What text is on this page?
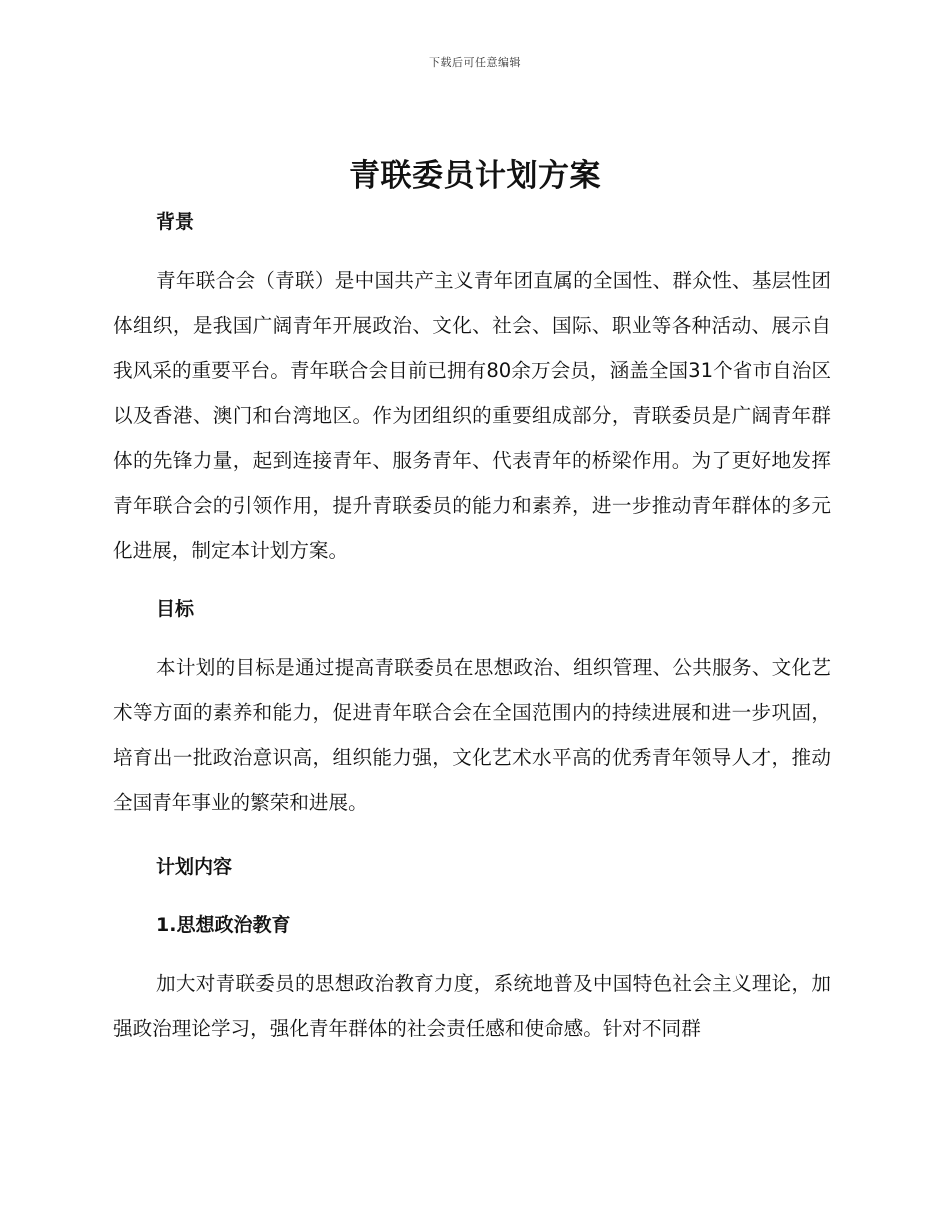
下载后可任意编辑
青联委员计划方案
背景

青年联合会（青联）是中国共产主义青年团直属的全国性、群众性、基层性团体组织，是我国广阔青年开展政治、文化、社会、国际、职业等各种活动、展示自我风采的重要平台。青年联合会目前已拥有80余万会员，涵盖全国31个省市自治区以及香港、澳门和台湾地区。作为团组织的重要组成部分，青联委员是广阔青年群体的先锋力量，起到连接青年、服务青年、代表青年的桥梁作用。为了更好地发挥青年联合会的引领作用，提升青联委员的能力和素养，进一步推动青年群体的多元化进展，制定本计划方案。

目标

本计划的目标是通过提高青联委员在思想政治、组织管理、公共服务、文化艺术等方面的素养和能力，促进青年联合会在全国范围内的持续进展和进一步巩固，培育出一批政治意识高，组织能力强，文化艺术水平高的优秀青年领导人才，推动全国青年事业的繁荣和进展。

计划内容
1.思想政治教育

加大对青联委员的思想政治教育力度，系统地普及中国特色社会主义理论，加强政治理论学习，强化青年群体的社会责任感和使命感。针对不同群
